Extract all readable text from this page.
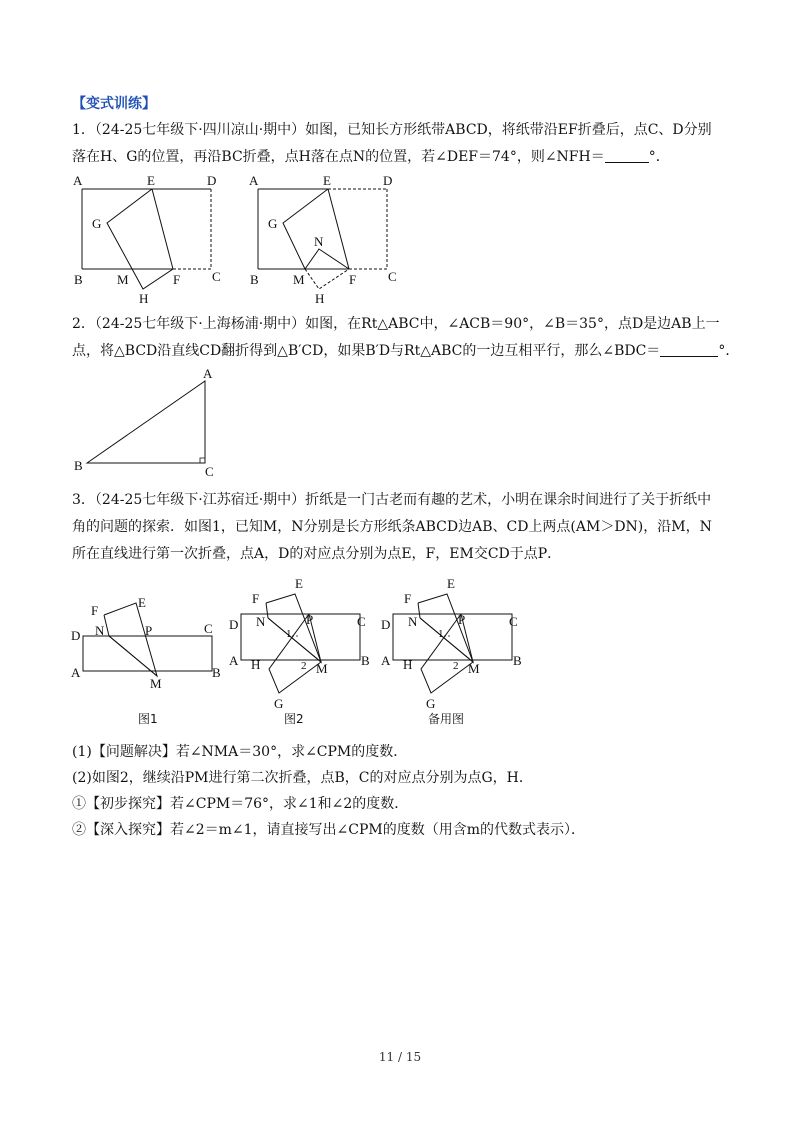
【变式训练】
1．（24-25七年级下·四川凉山·期中）如图，已知长方形纸带ABCD，将纸带沿EF折叠后，点C、D分别
落在H、G的位置，再沿BC折叠，点H落在点N的位置，若∠DEF＝74°，则∠NFH＝	°．
A	E	D
G
B	M	F C
H
A	E	D
G
N
B	M	F C
H
2．（24-25七年级下·上海杨浦·期中）如图，在Rt△ABC中，∠ACB＝90°，∠B＝35°，点D是边AB上一
点，将△BCD沿直线CD翻折得到△B′CD，如果B′D与Rt△ABC的一边互相平行，那么∠BDC＝	°．
A
B	C
3．（24-25七年级下·江苏宿迁·期中）折纸是一门古老而有趣的艺术，小明在课余时间进行了关于折纸中
角的问题的探索．如图1，已知M，N分别是长方形纸条ABCD边AB、CD上两点(AM＞DN)，沿M，N
所在直线进行第一次折叠，点A，D的对应点分别为点E，F，EM交CD于点P．
F
E
D N	P	C
A
M
B
图1
F
E
D N	P	C
1
A H	2 M
B
G
图2
F
E
D N	P	C
1
A H	2 M
B
G
备用图
(1)【问题解决】若∠NMA＝30°，求∠CPM的度数．
(2)如图2，继续沿PM进行第二次折叠，点B，C的对应点分别为点G，H．
①【初步探究】若∠CPM＝76°，求∠1和∠2的度数．
②【深入探究】若∠2＝m∠1，请直接写出∠CPM的度数（用含m的代数式表示）．
11 / 15
